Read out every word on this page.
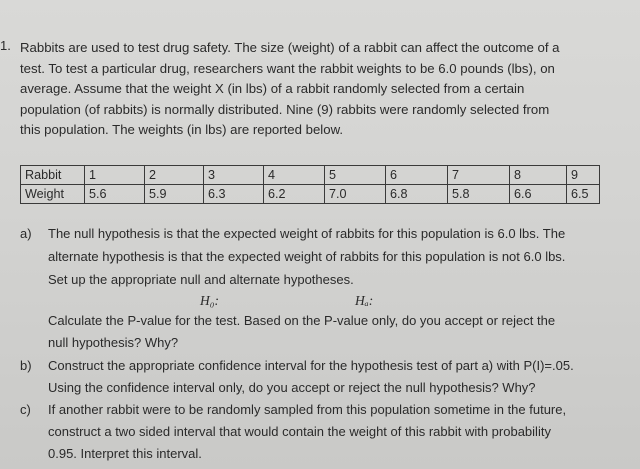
1. Rabbits are used to test drug safety. The size (weight) of a rabbit can affect the outcome of a
test. To test a particular drug, researchers want the rabbit weights to be 6.0 pounds (lbs), on
average. Assume that the weight X (in lbs) of a rabbit randomly selected from a certain
population (of rabbits) is normally distributed. Nine (9) rabbits were randomly selected from
this population. The weights (in lbs) are reported below.
Rabbit	1	2	3	4	5	6	7	8	9
Weight	5.6	5.9	6.3	6.2	7.0	6.8	5.8	6.6	6.5
a) The null hypothesis is that the expected weight of rabbits for this population is 6.0 lbs. The
alternate hypothesis is that the expected weight of rabbits for this population is not 6.0 lbs.
Set up the appropriate null and alternate hypotheses.
H₀:	Hₐ:
Calculate the P-value for the test. Based on the P-value only, do you accept or reject the
null hypothesis? Why?
b) Construct the appropriate confidence interval for the hypothesis test of part a) with P(I)=.05.
Using the confidence interval only, do you accept or reject the null hypothesis? Why?
c) If another rabbit were to be randomly sampled from this population sometime in the future,
construct a two sided interval that would contain the weight of this rabbit with probability
0.95. Interpret this interval.
